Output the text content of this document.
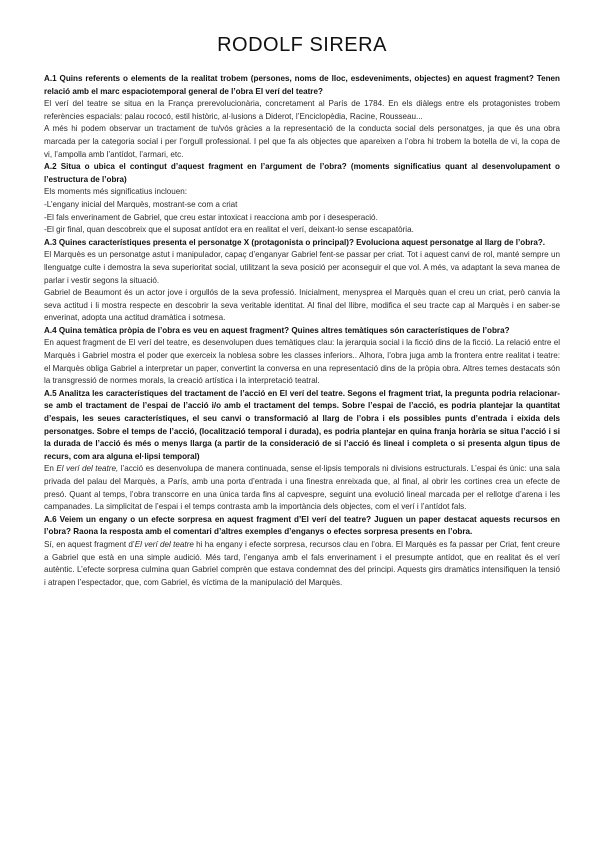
RODOLF SIRERA

A.1 Quins referents o elements de la realitat trobem (persones, noms de lloc, esdeveniments, objectes) en aquest fragment? Tenen relació amb el marc espaciotemporal general de l’obra El verí del teatre?

El verí del teatre se situa en la França prerevolucionària, concretament al París de 1784. En els diàlegs entre els protagonistes trobem referències espacials: palau rococó, estil històric, al·lusions a Diderot, l’Enciclopèdia, Racine, Rousseau...

A més hi podem observar un tractament de tu/vós gràcies a la representació de la conducta social dels personatges, ja que és una obra marcada per la categoria social i per l’orgull professional. I pel que fa als objectes que apareixen a l’obra hi trobem la botella de vi, la copa de vi, l’ampolla amb l’antídot, l’armari, etc.

A.2 Situa o ubica el contingut d’aquest fragment en l’argument de l’obra? (moments significatius quant al desenvolupament o l’estructura de l’obra)

Els moments més significatius inclouen:

-L’engany inicial del Marquès, mostrant-se com a criat

-El fals enverinament de Gabriel, que creu estar intoxicat i reacciona amb por i desesperació.

-El gir final, quan descobreix que el suposat antídot era en realitat el verí, deixant-lo sense escapatòria.

A.3 Quines característiques presenta el personatge X (protagonista o principal)? Evoluciona aquest personatge al llarg de l’obra?.

El Marquès es un personatge astut i manipulador, capaç d’enganyar Gabriel fent-se passar per criat. Tot i aquest canvi de rol, manté sempre un llenguatge culte i demostra la seva superioritat social, utilitzant la seva posició per aconseguir el que vol. A més, va adaptant la seva manea de parlar i vestir segons la situació.

Gabriel de Beaumont és un actor jove i orgullós de la seva professió. Inicialment, menysprea el Marquès quan el creu un criat, però canvia la seva actitud i li mostra respecte en descobrir la seva veritable identitat. Al final del llibre, modifica el seu tracte cap al Marquès i en saber-se enverinat, adopta una actitud dramàtica i sotmesa.

A.4 Quina temàtica pròpia de l’obra es veu en aquest fragment? Quines altres temàtiques són característiques de l’obra?

En aquest fragment de El verí del teatre, es desenvolupen dues temàtiques clau: la jerarquia social i la ficció dins de la ficció. La relació entre el Marquès i Gabriel mostra el poder que exerceix la noblesa sobre les classes inferiors.. Alhora, l’obra juga amb la frontera entre realitat i teatre: el Marquès obliga Gabriel a interpretar un paper, convertint la conversa en una representació dins de la pròpia obra. Altres temes destacats són la transgressió de normes morals, la creació artística i la interpretació teatral.

A.5 Analitza les característiques del tractament de l’acció en El verí del teatre. Segons el fragment triat, la pregunta podria relacionar-se amb el tractament de l’espai de l’acció i/o amb el tractament del temps. Sobre l’espai de l’acció, es podria plantejar la quantitat d’espais, les seues característiques, el seu canvi o transformació al llarg de l’obra i els possibles punts d’entrada i eixida dels personatges. Sobre el temps de l’acció, (localització temporal i durada), es podria plantejar en quina franja horària se situa l’acció i si la durada de l’acció és més o menys llarga (a partir de la consideració de si l’acció és lineal i completa o si presenta algun tipus de recurs, com ara alguna el·lipsi temporal)

En El verí del teatre, l’acció es desenvolupa de manera continuada, sense el·lipsis temporals ni divisions estructurals. L’espai és únic: una sala privada del palau del Marquès, a París, amb una porta d’entrada i una finestra enreixada que, al final, al obrir les cortines crea un efecte de presó. Quant al temps, l’obra transcorre en una única tarda fins al capvespre, seguint una evolució lineal marcada per el rellotge d’arena i les campanades. La simplicitat de l’espai i el temps contrasta amb la importància dels objectes, com el verí i l’antídot fals.

A.6 Veiem un engany o un efecte sorpresa en aquest fragment d’El verí del teatre? Juguen un paper destacat aquests recursos en l’obra? Raona la resposta amb el comentari d’altres exemples d’enganys o efectes sorpresa presents en l’obra.

Sí, en aquest fragment d’El verí del teatre hi ha engany i efecte sorpresa, recursos clau en l’obra. El Marquès es fa passar per Criat, fent creure a Gabriel que està en una simple audició. Més tard, l’enganya amb el fals enverinament i el presumpte antídot, que en realitat és el verí autèntic. L’efecte sorpresa culmina quan Gabriel comprèn que estava condemnat des del principi. Aquests girs dramàtics intensifiquen la tensió i atrapen l’espectador, que, com Gabriel, és víctima de la manipulació del Marquès.
